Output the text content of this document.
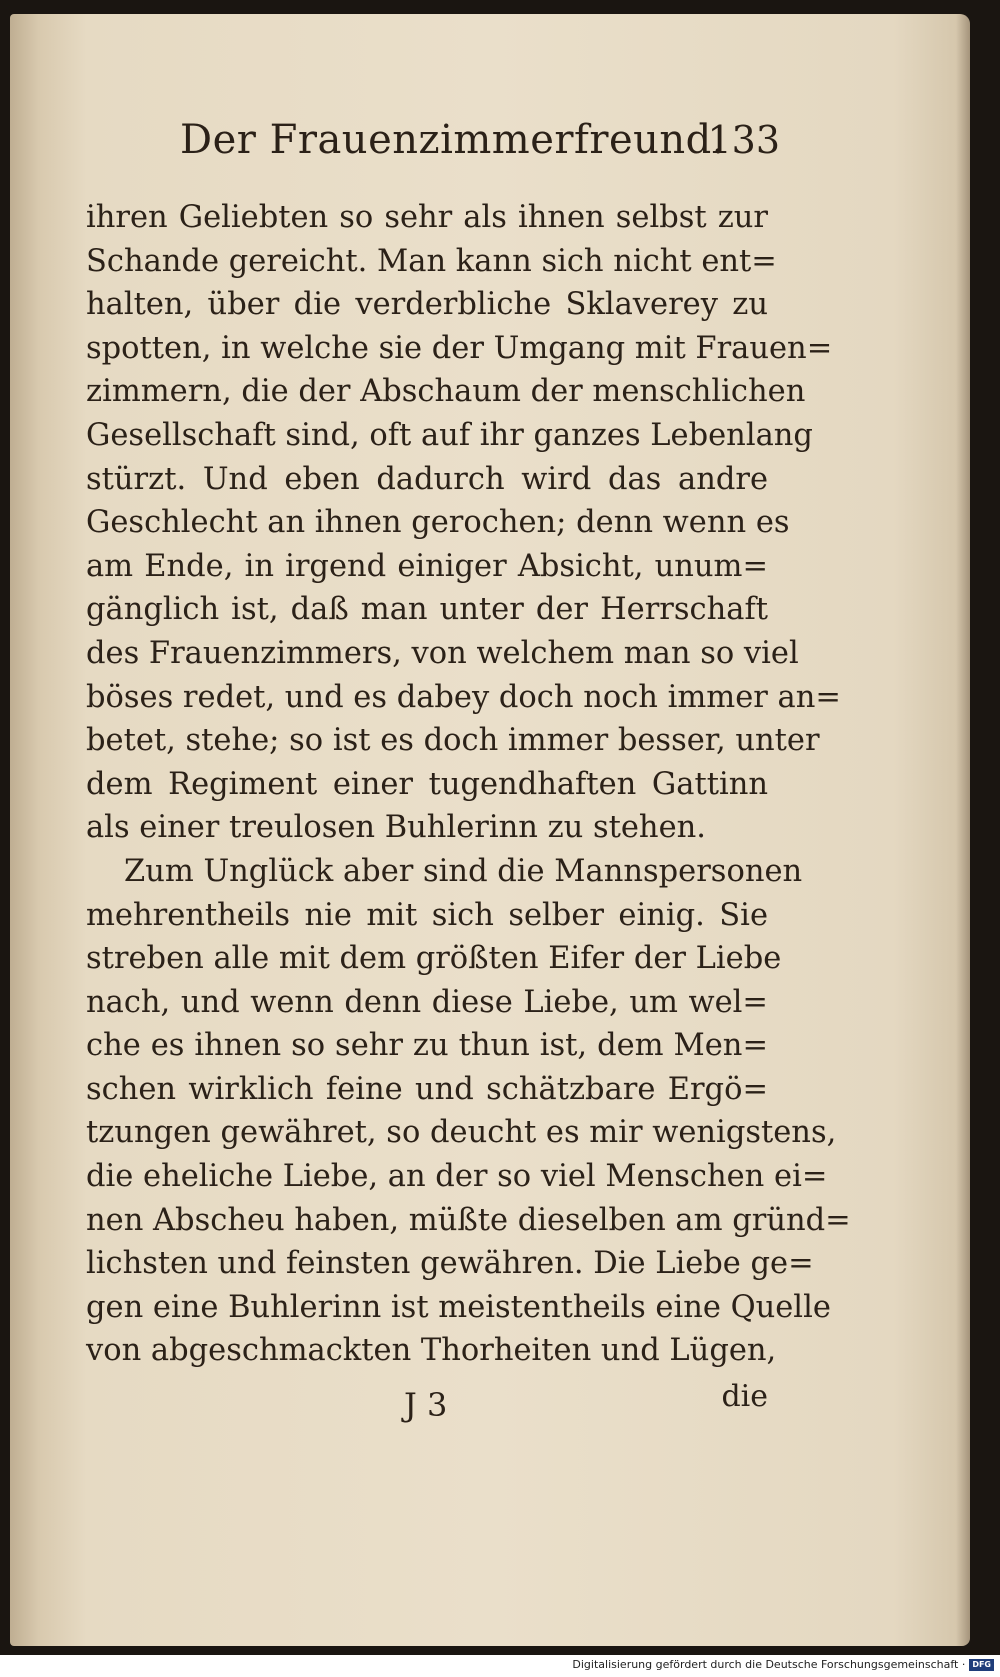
Der Frauenzimmerfreund.
133
ihren Geliebten so sehr als ihnen selbst zur
Schande gereicht. Man kann sich nicht ent=
halten, über die verderbliche Sklaverey zu
spotten, in welche sie der Umgang mit Frauen=
zimmern, die der Abschaum der menschlichen
Gesellschaft sind, oft auf ihr ganzes Lebenlang
stürzt. Und eben dadurch wird das andre
Geschlecht an ihnen gerochen; denn wenn es
am Ende, in irgend einiger Absicht, unum=
gänglich ist, daß man unter der Herrschaft
des Frauenzimmers, von welchem man so viel
böses redet, und es dabey doch noch immer an=
betet, stehe; so ist es doch immer besser, unter
dem Regiment einer tugendhaften Gattinn
als einer treulosen Buhlerinn zu stehen.
Zum Unglück aber sind die Mannspersonen
mehrentheils nie mit sich selber einig. Sie
streben alle mit dem größten Eifer der Liebe
nach, und wenn denn diese Liebe, um wel=
che es ihnen so sehr zu thun ist, dem Men=
schen wirklich feine und schätzbare Ergö=
tzungen gewähret, so deucht es mir wenigstens,
die eheliche Liebe, an der so viel Menschen ei=
nen Abscheu haben, müßte dieselben am gründ=
lichsten und feinsten gewähren. Die Liebe ge=
gen eine Buhlerinn ist meistentheils eine Quelle
von abgeschmackten Thorheiten und Lügen,
J 3	die
Digitalisierung gefördert durch die Deutsche Forschungsgemeinschaft · DFG
